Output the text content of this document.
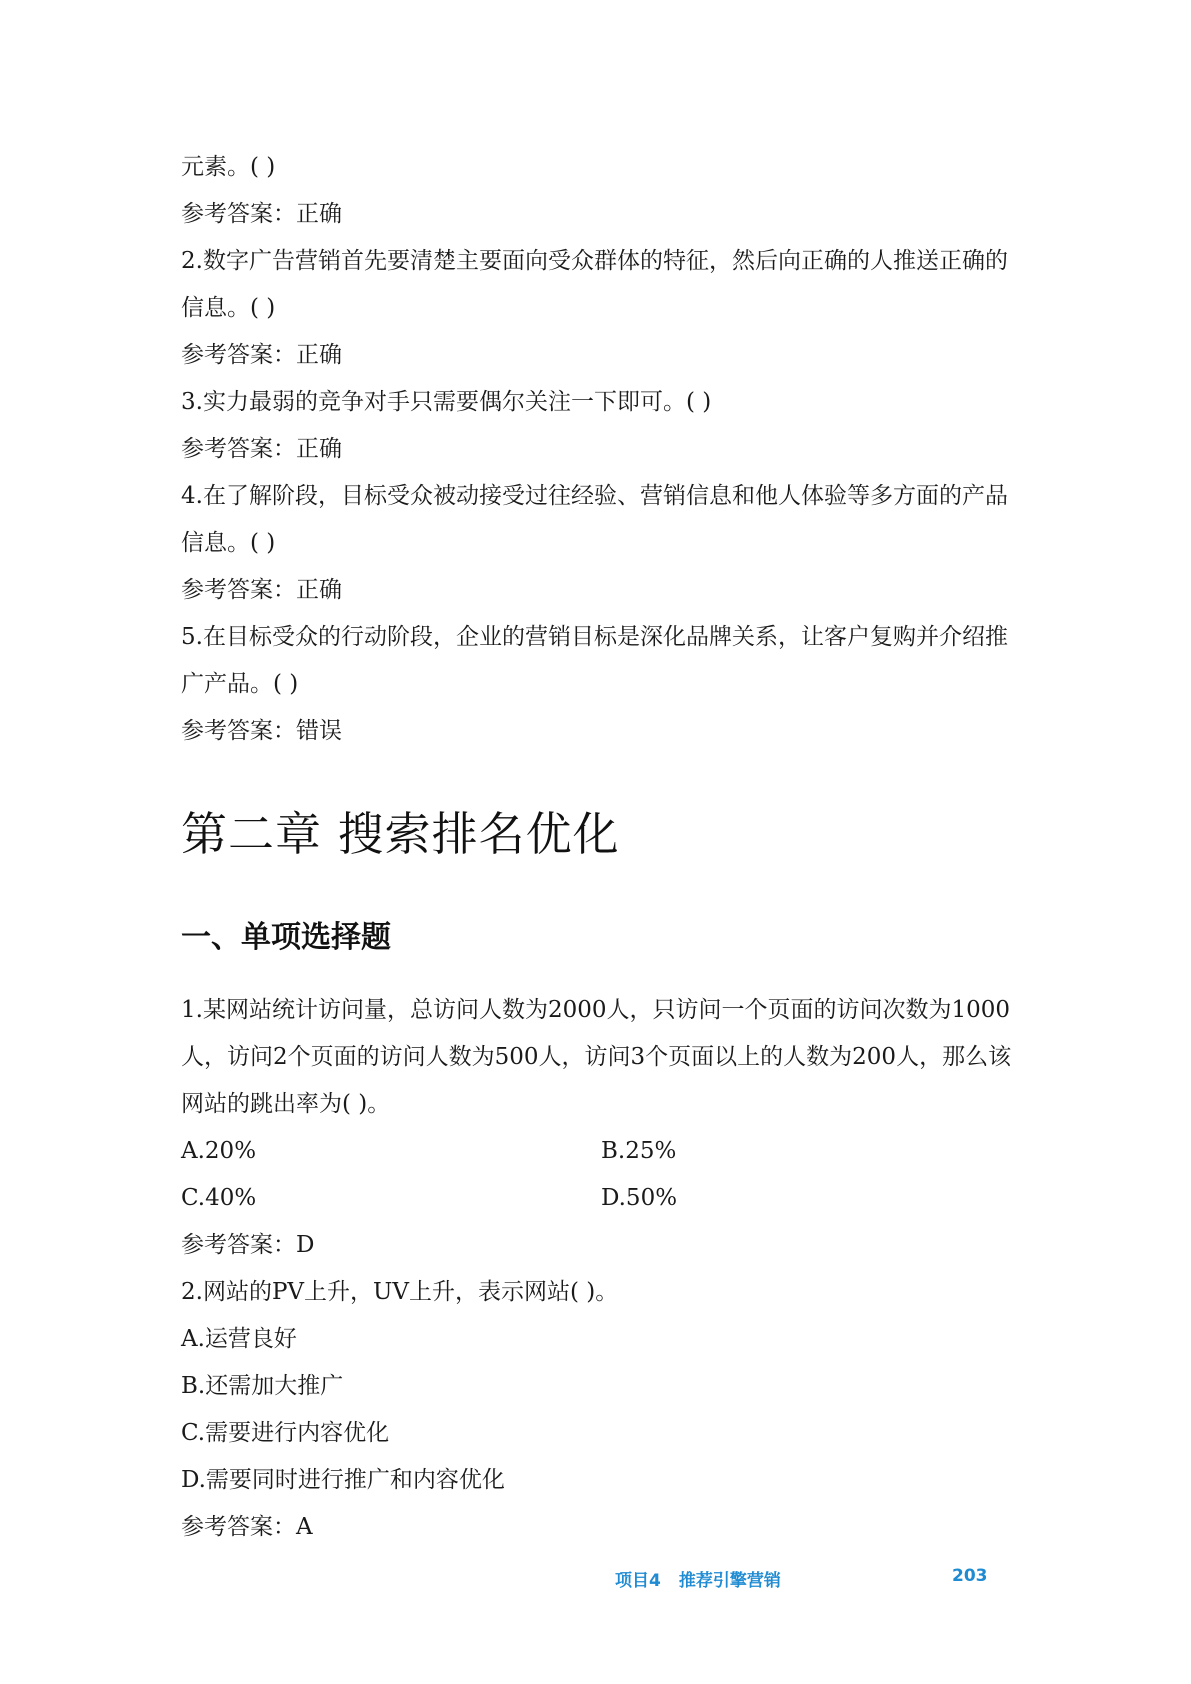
元素。( )

参考答案：正确

2.数字广告营销首先要清楚主要面向受众群体的特征，然后向正确的人推送正确的信息。( )

参考答案：正确

3.实力最弱的竞争对手只需要偶尔关注一下即可。( )

参考答案：正确

4.在了解阶段，目标受众被动接受过往经验、营销信息和他人体验等多方面的产品信息。( )

参考答案：正确

5.在目标受众的行动阶段，企业的营销目标是深化品牌关系，让客户复购并介绍推广产品。( )

参考答案：错误

第二章 搜索排名优化
一、单项选择题

1.某网站统计访问量，总访问人数为2000人，只访问一个页面的访问次数为1000人，访问2个页面的访问人数为500人，访问3个页面以上的人数为200人，那么该网站的跳出率为( )。

A.20%	B.25%
C.40%	D.50%

参考答案：D

2.网站的PV上升，UV上升，表示网站( )。

A.运营良好

B.还需加大推广

C.需要进行内容优化

D.需要同时进行推广和内容优化

参考答案：A

项目4 推荐引擎营销	203
